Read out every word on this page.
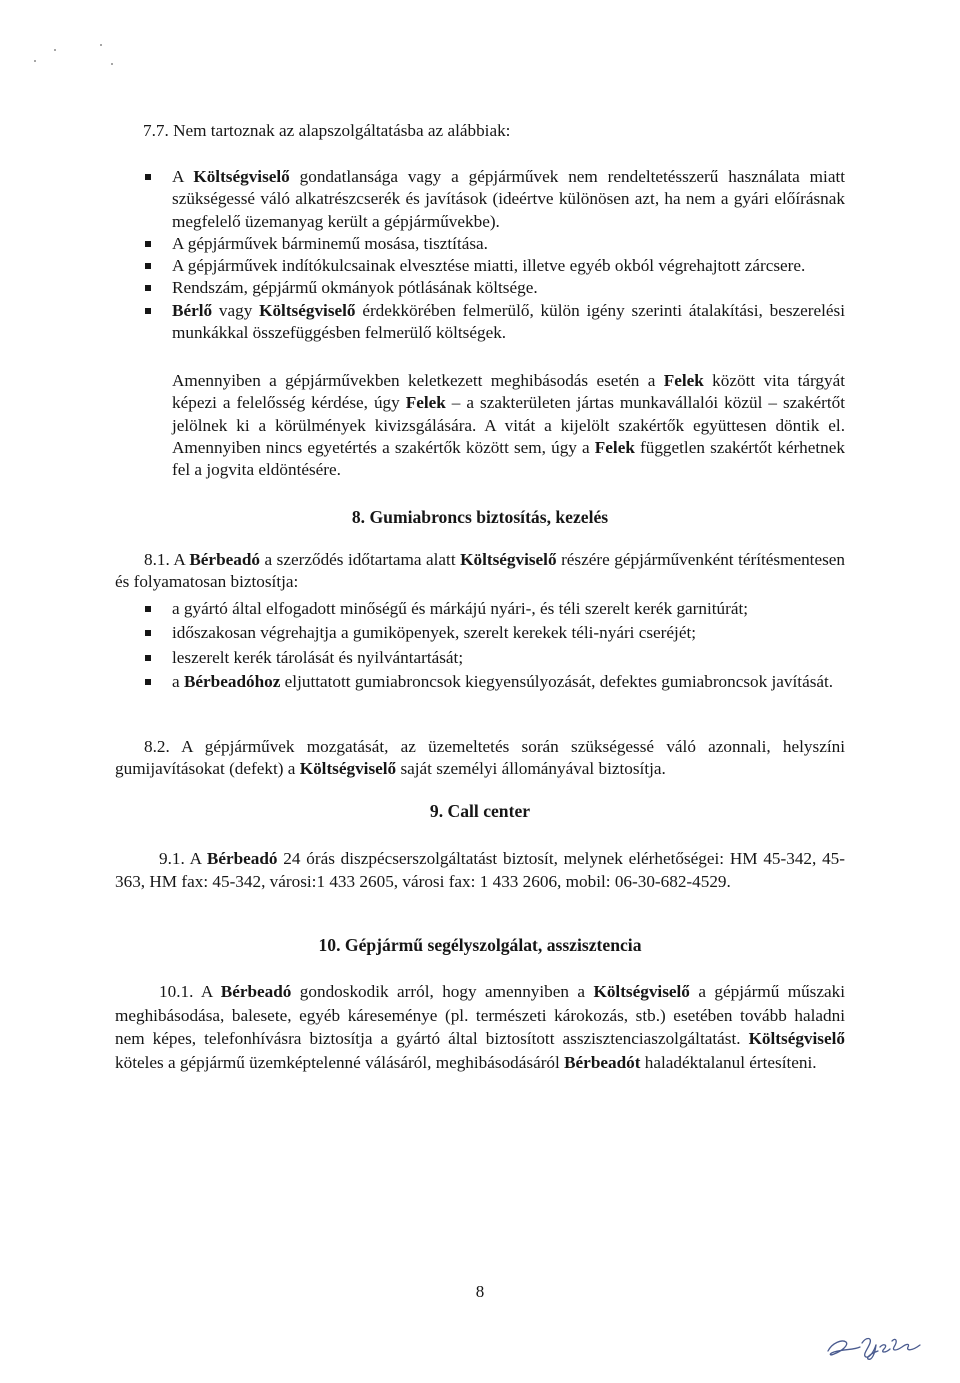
7.7. Nem tartoznak az alapszolgáltatásba az alábbiak:

A Költségviselő gondatlansága vagy a gépjárművek nem rendeltetésszerű használata miatt szükségessé váló alkatrészcserék és javítások (ideértve különösen azt, ha nem a gyári előírásnak megfelelő üzemanyag került a gépjárművekbe).
A gépjárművek bárminemű mosása, tisztítása.
A gépjárművek indítókulcsainak elvesztése miatti, illetve egyéb okból végrehajtott zárcsere.
Rendszám, gépjármű okmányok pótlásának költsége.
Bérlő vagy Költségviselő érdekkörében felmerülő, külön igény szerinti átalakítási, beszerelési munkákkal összefüggésben felmerülő költségek.

Amennyiben a gépjárművekben keletkezett meghibásodás esetén a Felek között vita tárgyát képezi a felelősség kérdése, úgy Felek – a szakterületen jártas munkavállalói közül – szakértőt jelölnek ki a körülmények kivizsgálására. A vitát a kijelölt szakértők együttesen döntik el. Amennyiben nincs egyetértés a szakértők között sem, úgy a Felek független szakértőt kérhetnek fel a jogvita eldöntésére.

8. Gumiabroncs biztosítás, kezelés

8.1. A Bérbeadó a szerződés időtartama alatt Költségviselő részére gépjárművenként térítésmentesen és folyamatosan biztosítja:

a gyártó által elfogadott minőségű és márkájú nyári-, és téli szerelt kerék garnitúrát;
időszakosan végrehajtja a gumiköpenyek, szerelt kerekek téli-nyári cseréjét;
leszerelt kerék tárolását és nyilvántartását;
a Bérbeadóhoz eljuttatott gumiabroncsok kiegyensúlyozását, defektes gumiabroncsok javítását.

8.2. A gépjárművek mozgatását, az üzemeltetés során szükségessé váló azonnali, helyszíni gumijavításokat (defekt) a Költségviselő saját személyi állományával biztosítja.

9. Call center

9.1. A Bérbeadó 24 órás diszpécserszolgáltatást biztosít, melynek elérhetőségei: HM 45-342, 45-363, HM fax: 45-342, városi:1 433 2605, városi fax: 1 433 2606, mobil: 06-30-682-4529.

10. Gépjármű segélyszolgálat, asszisztencia

10.1. A Bérbeadó gondoskodik arról, hogy amennyiben a Költségviselő a gépjármű műszaki meghibásodása, balesete, egyéb káreseménye (pl. természeti károkozás, stb.) esetében tovább haladni nem képes, telefonhívásra biztosítja a gyártó által biztosított asszisztenciaszolgáltatást. Költségviselő köteles a gépjármű üzemképtelenné válásáról, meghibásodásáról Bérbeadót haladéktalanul értesíteni.

8
